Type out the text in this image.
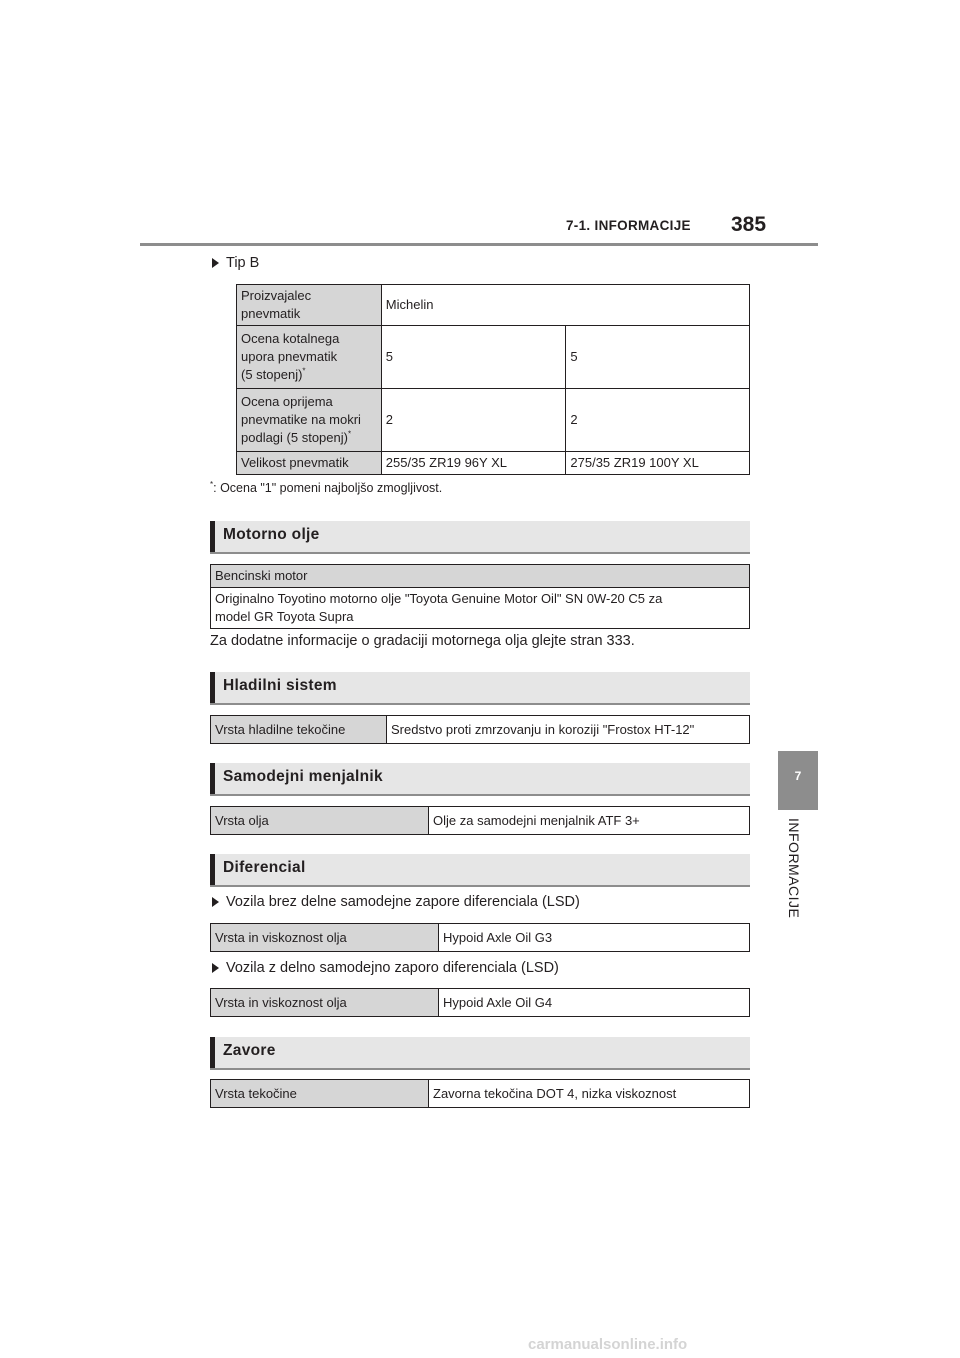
7-1. INFORMACIJE 385
7
INFORMACIJE
Tip B
Proizvajalec
pnevmatik	Michelin	
Ocena kotalnega
upora pnevmatik
(5 stopenj)*	5	5
Ocena oprijema
pnevmatike na mokri
podlagi (5 stopenj)*	2	2
Velikost pnevmatik	255/35 ZR19 96Y XL	275/35 ZR19 100Y XL
*: Ocena "1" pomeni najboljšo zmogljivost.
Motorno olje
Bencinski motor
Originalno Toyotino motorno olje "Toyota Genuine Motor Oil" SN 0W-20 C5 za
model GR Toyota Supra
Za dodatne informacije o gradaciji motornega olja glejte stran 333.
Hladilni sistem
Vrsta hladilne tekočine	Sredstvo proti zmrzovanju in koroziji "Frostox HT-12"
Samodejni menjalnik
Vrsta olja	Olje za samodejni menjalnik ATF 3+
Diferencial
Vozila brez delne samodejne zapore diferenciala (LSD)
Vrsta in viskoznost olja	Hypoid Axle Oil G3
Vozila z delno samodejno zaporo diferenciala (LSD)
Vrsta in viskoznost olja	Hypoid Axle Oil G4
Zavore
Vrsta tekočine	Zavorna tekočina DOT 4, nizka viskoznost
carmanualsonline.info
